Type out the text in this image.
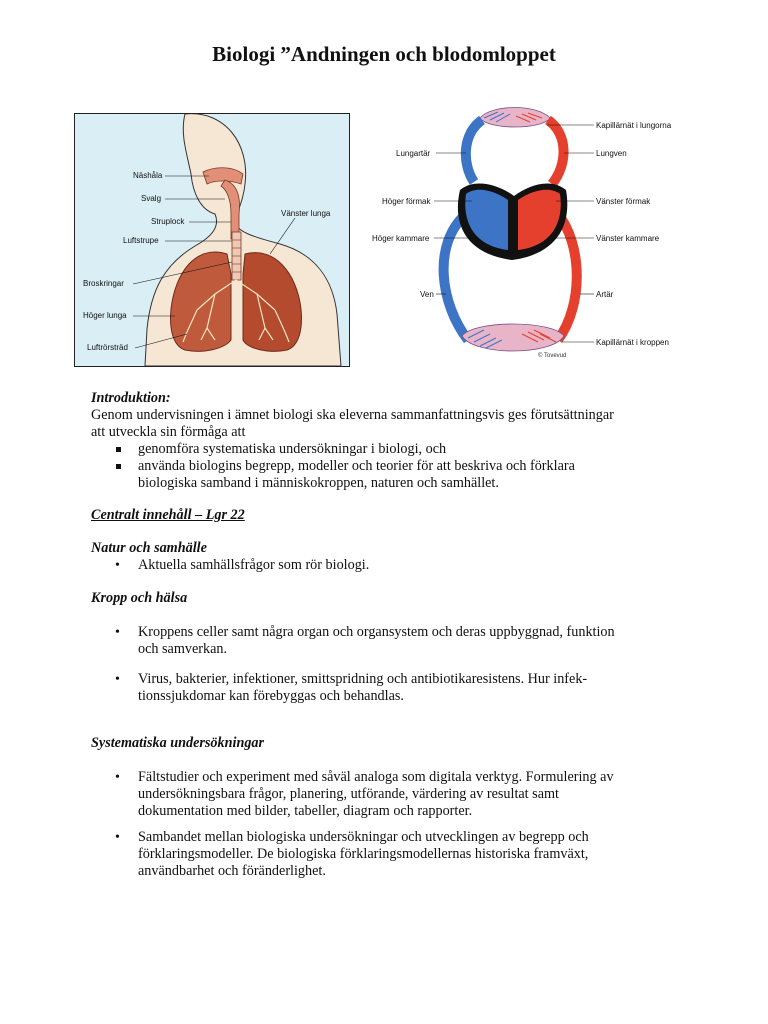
Biologi ”Andningen och blodomloppet
Näshåla
Svalg
Struplock
Luftstrupe
Vänster lunga
Broskringar
Höger lunga
Luftrörsträd
Lilla
kretsloppet
Stora
kretsloppet
© Tovevud
Kapillärnät i lungorna
Lungartär	Lungven
Höger förmak	Vänster förmak
Höger kammare	Vänster kammare
Ven	Artär
Kapillärnät i kroppen

Introduktion:

Genom undervisningen i ämnet biologi ska eleverna sammanfattningsvis ges förutsättningar

att utveckla sin förmåga att

genomföra systematiska undersökningar i biologi, och
använda biologins begrepp, modeller och teorier för att beskriva och förklara
biologiska samband i människokroppen, naturen och samhället.

Centralt innehåll – Lgr 22

Natur och samhälle

• Aktuella samhällsfrågor som rör biologi.

Kropp och hälsa

• Kroppens celler samt några organ och organsystem och deras uppbyggnad, funktion
och samverkan.
• Virus, bakterier, infektioner, smittspridning och antibiotikaresistens. Hur infek-
tionssjukdomar kan förebyggas och behandlas.

Systematiska undersökningar

• Fältstudier och experiment med såväl analoga som digitala verktyg. Formulering av
undersökningsbara frågor, planering, utförande, värdering av resultat samt
dokumentation med bilder, tabeller, diagram och rapporter.
• Sambandet mellan biologiska undersökningar och utvecklingen av begrepp och
förklaringsmodeller. De biologiska förklaringsmodellernas historiska framväxt,
användbarhet och föränderlighet.
